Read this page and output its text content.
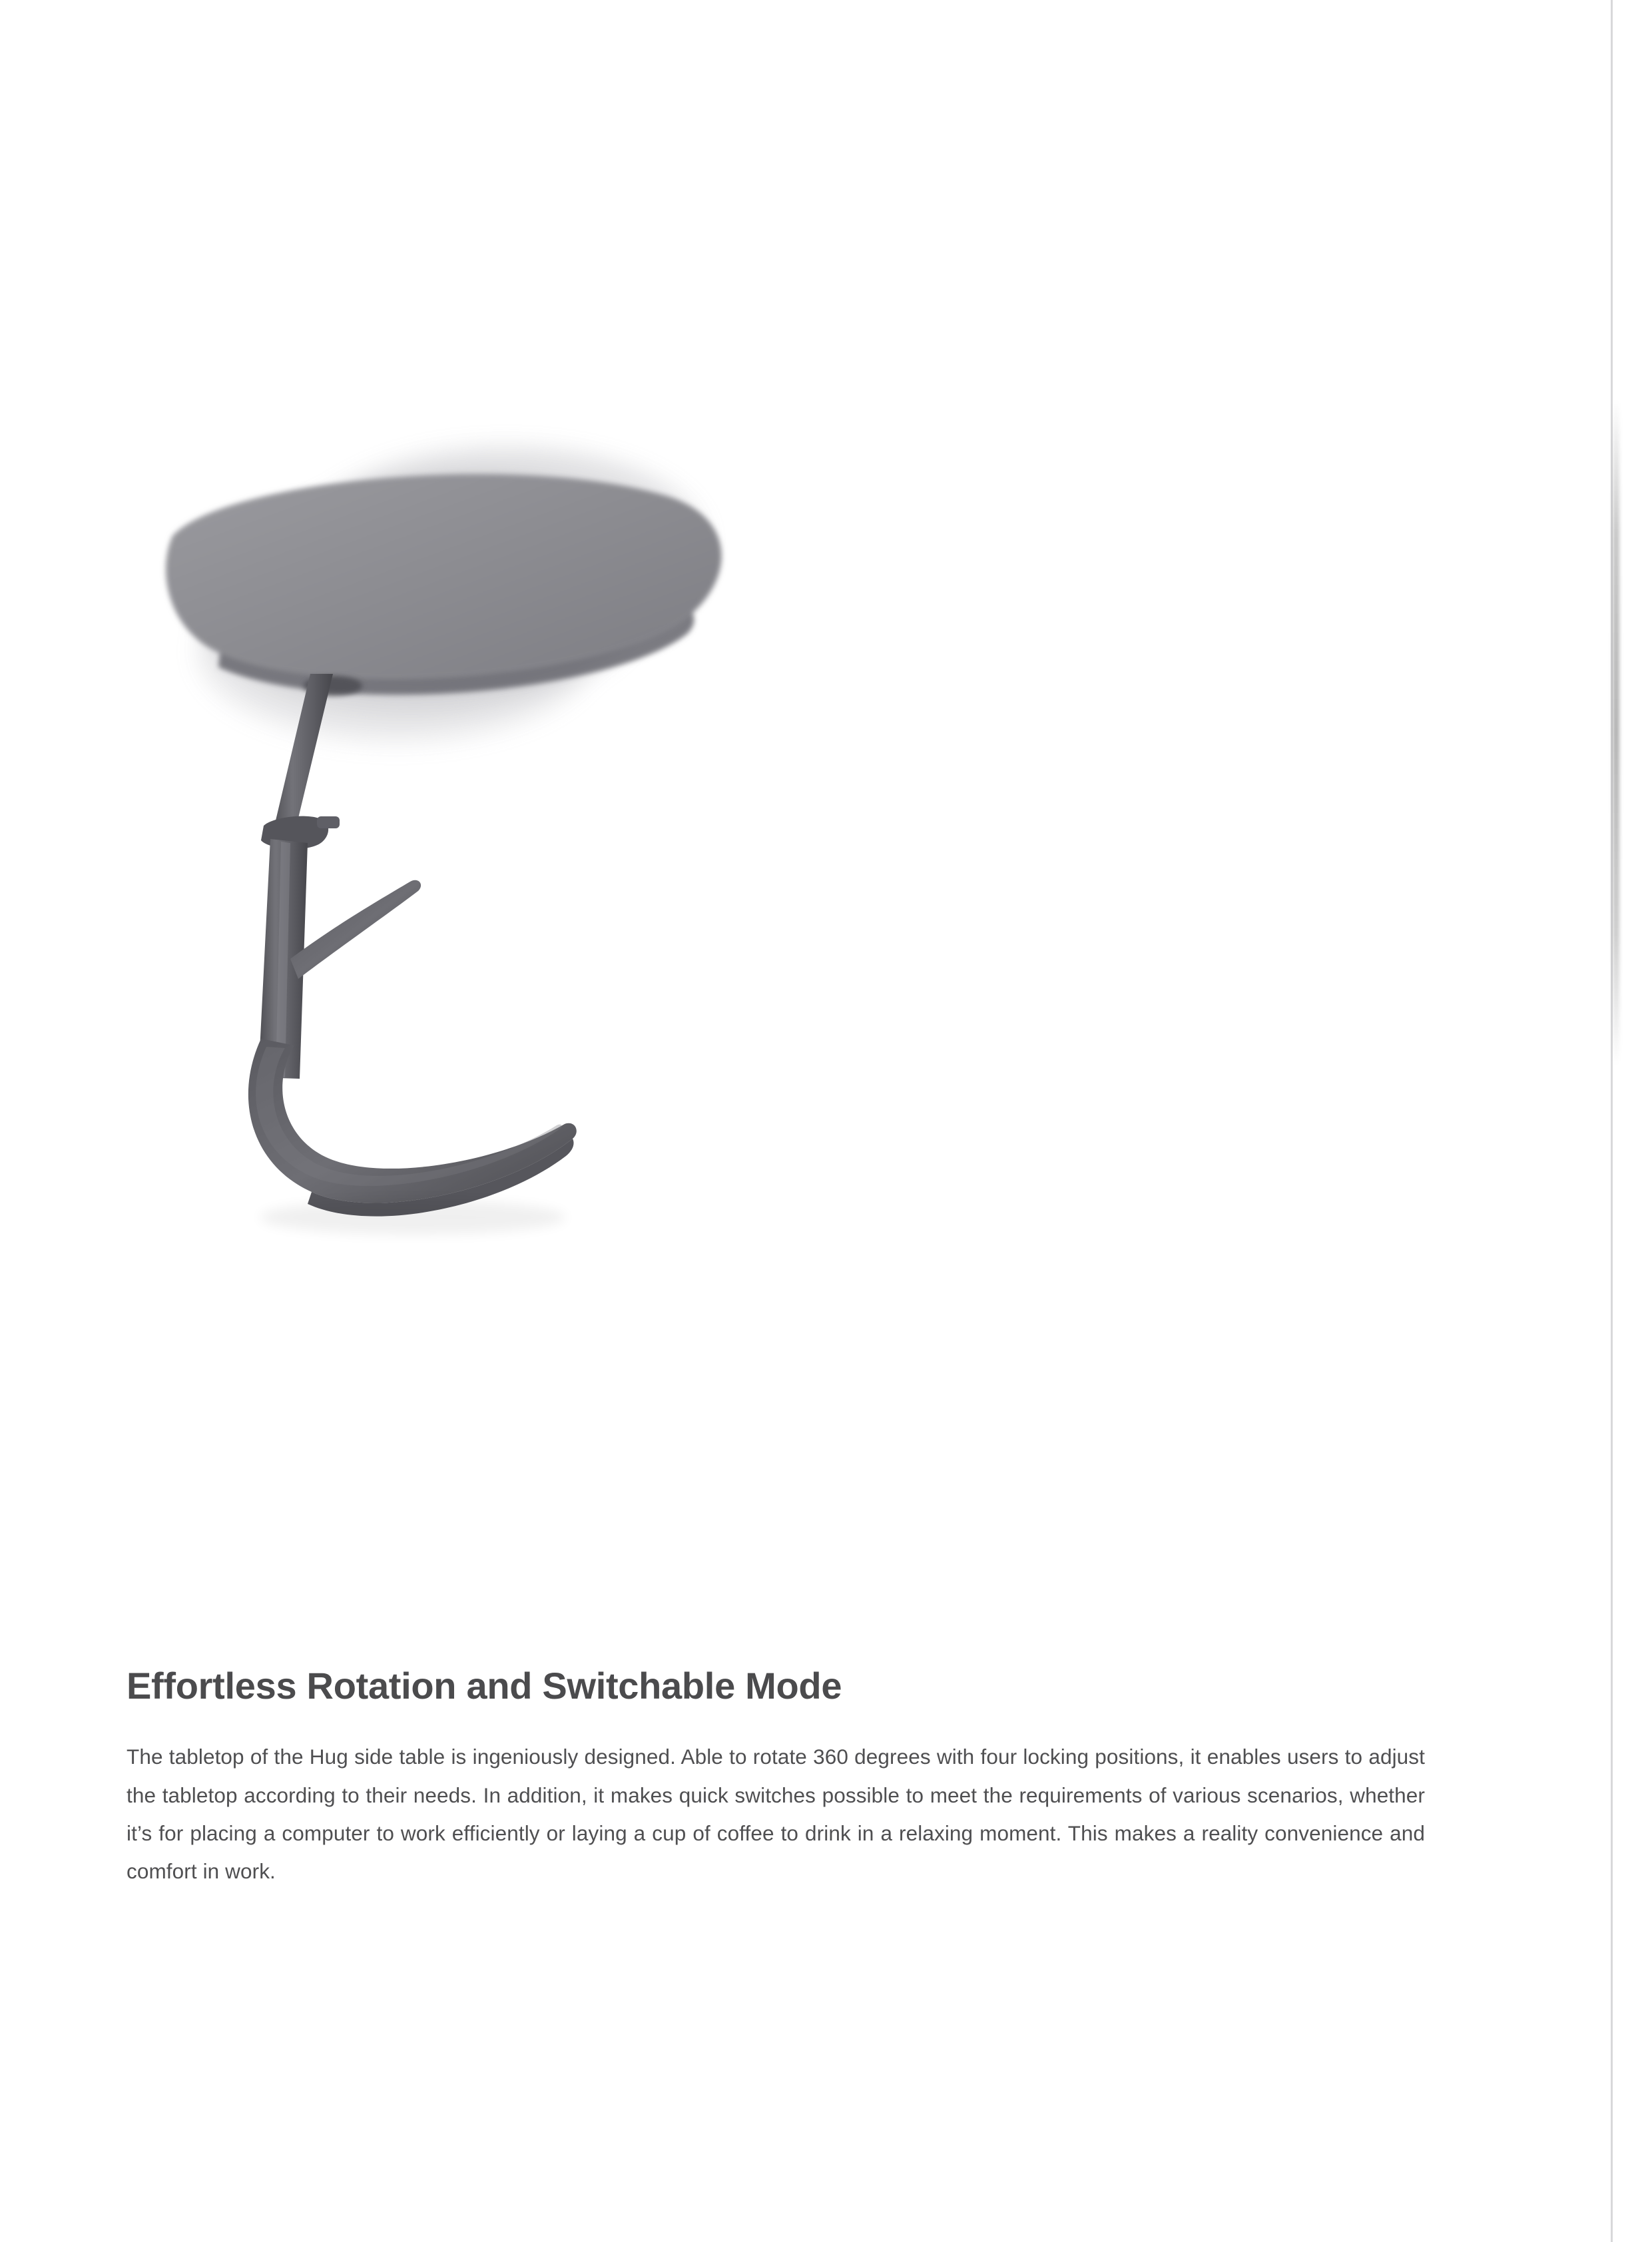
Effortless Rotation and Switchable Mode

The tabletop of the Hug side table is ingeniously designed. Able to rotate 360 degrees with four locking positions, it enables users to adjust the tabletop according to their needs. In addition, it makes quick switches possible to meet the requirements of various scenarios, whether it’s for placing a computer to work efficiently or laying a cup of coffee to drink in a relaxing moment. This makes a reality convenience and comfort in work.
